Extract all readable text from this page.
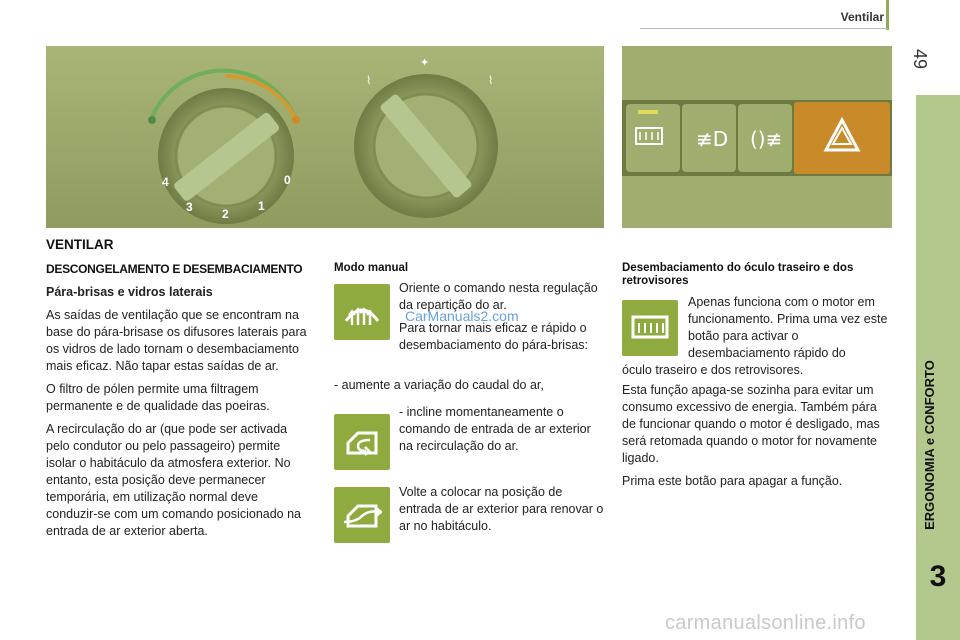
Ventilar
49
ERGONOMIA e CONFORTO
3
4
3 2
1
0
✦
⌇	⌇
≢D ()≢
VENTILAR
DESCONGELAMENTO E DESEMBACIAMENTO

Pára-brisas e vidros laterais

As saídas de ventilação que se encontram na base do pára-brisase os difusores laterais para os vidros de lado tornam o desembaciamento mais eficaz. Não tapar estas saídas de ar.

O filtro de pólen permite uma filtragem permanente e de qualidade das poeiras.

A recirculação do ar (que pode ser activada pelo condutor ou pelo passageiro) permite isolar o habitáculo da atmosfera exterior. No entanto, esta posição deve permanecer temporária, em utilização normal deve conduzir-se com um comando posicionado na entrada de ar exterior aberta.

Modo manual

Oriente o comando nesta regulação da repartição do ar.

Para tornar mais eficaz e rápido o desembaciamento do pára-brisas:

CarManuals2.com
- aumente a variação do caudal do ar,
- incline momentaneamente o comando de entrada de ar exterior na recirculação do ar.
Volte a colocar na posição de entrada de ar exterior para renovar o ar no habitáculo.
Desembaciamento do óculo traseiro e dos retrovisores
Apenas funciona com o motor em funcionamento. Prima uma vez este botão para activar o desembaciamento rápido do
óculo traseiro e dos retrovisores.

Esta função apaga-se sozinha para evitar um consumo excessivo de energia. Também pára de funcionar quando o motor é desligado, mas será retomada quando o motor for novamente ligado.

Prima este botão para apagar a função.

carmanualsonline.info
